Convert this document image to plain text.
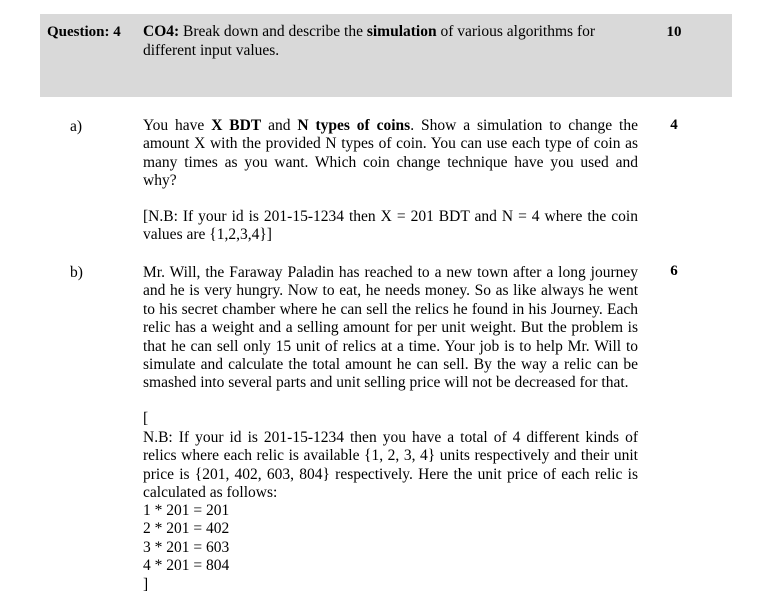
Question: 4 CO4: Break down and describe the simulation of various algorithms for different input values.
10
a)	4
You have X BDT and N types of coins. Show a simulation to change the amount X with the provided N types of coin. You can use each type of coin as many times as you want. Which coin change technique have you used and why?
[N.B: If your id is 201-15-1234 then X = 201 BDT and N = 4 where the coin values are {1,2,3,4}]
b)	6
Mr. Will, the Faraway Paladin has reached to a new town after a long journey and he is very hungry. Now to eat, he needs money. So as like always he went to his secret chamber where he can sell the relics he found in his Journey. Each relic has a weight and a selling amount for per unit weight. But the problem is that he can sell only 15 unit of relics at a time. Your job is to help Mr. Will to simulate and calculate the total amount he can sell. By the way a relic can be smashed into several parts and unit selling price will not be decreased for that.
[
N.B: If your id is 201-15-1234 then you have a total of 4 different kinds of relics where each relic is available {1, 2, 3, 4} units respectively and their unit price is {201, 402, 603, 804} respectively. Here the unit price of each relic is calculated as follows:
1 * 201 = 201
2 * 201 = 402
3 * 201 = 603
4 * 201 = 804
]
